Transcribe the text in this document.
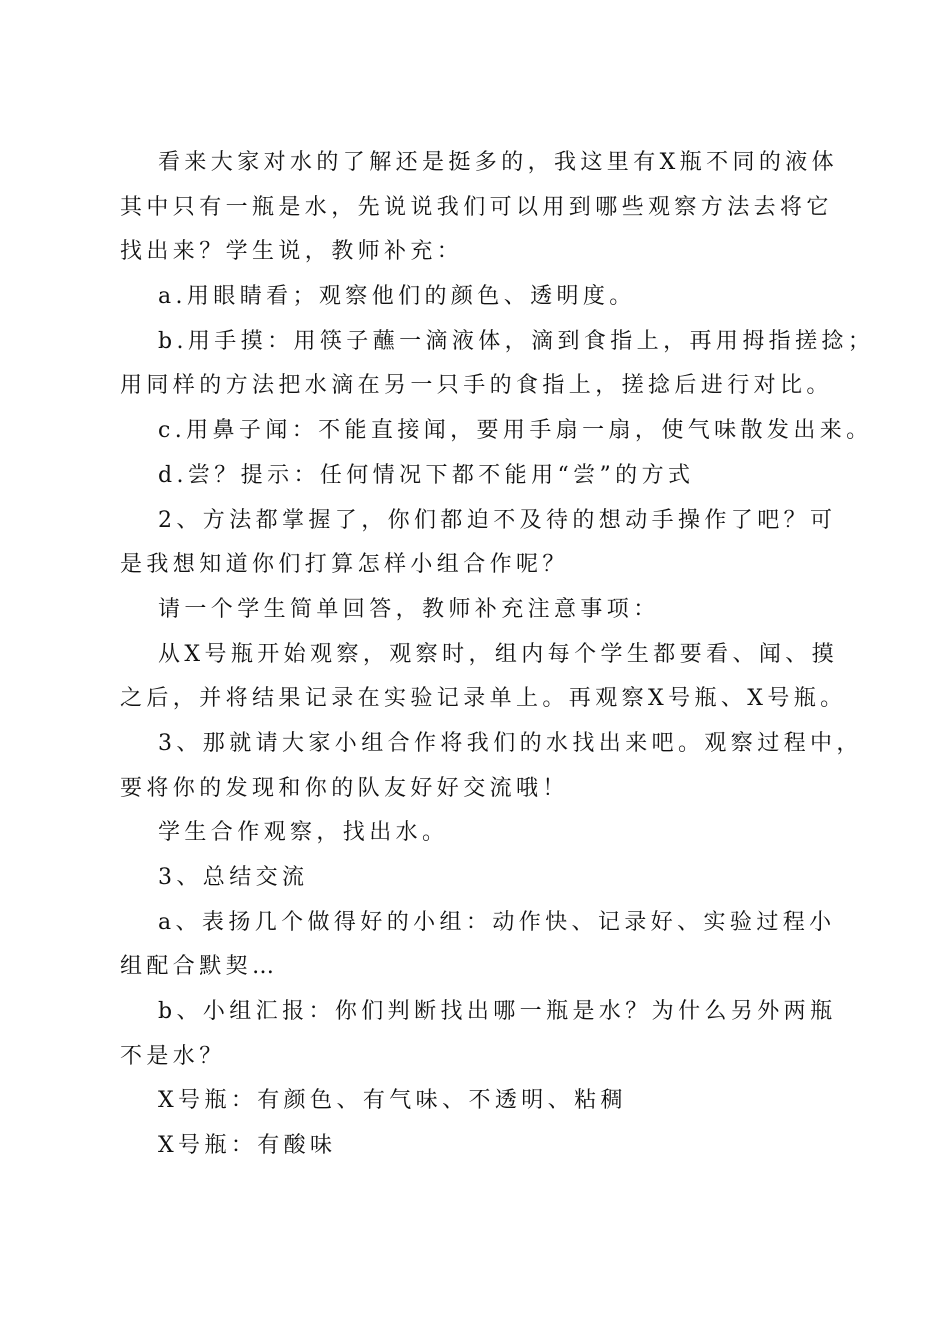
看来大家对水的了解还是挺多的，我这里有X瓶不同的液体
其中只有一瓶是水，先说说我们可以用到哪些观察方法去将它
找出来？学生说，教师补充：
a.用眼睛看；观察他们的颜色、透明度。
b.用手摸：用筷子蘸一滴液体，滴到食指上，再用拇指搓捻；
用同样的方法把水滴在另一只手的食指上，搓捻后进行对比。
c.用鼻子闻：不能直接闻，要用手扇一扇，使气味散发出来。
d.尝？提示：任何情况下都不能用“尝”的方式
2、方法都掌握了，你们都迫不及待的想动手操作了吧？可
是我想知道你们打算怎样小组合作呢？
请一个学生简单回答，教师补充注意事项：
从X号瓶开始观察，观察时，组内每个学生都要看、闻、摸
之后，并将结果记录在实验记录单上。再观察X号瓶、X号瓶。
3、那就请大家小组合作将我们的水找出来吧。观察过程中，
要将你的发现和你的队友好好交流哦！
学生合作观察，找出水。
3、总结交流
a、表扬几个做得好的小组：动作快、记录好、实验过程小
组配合默契…
b、小组汇报：你们判断找出哪一瓶是水？为什么另外两瓶
不是水？
X号瓶：有颜色、有气味、不透明、粘稠
X号瓶：有酸味
